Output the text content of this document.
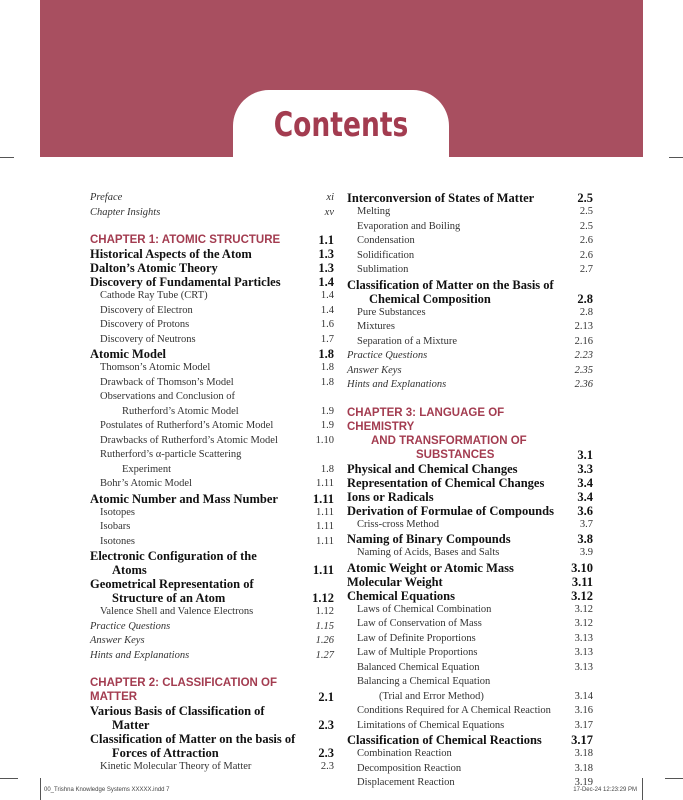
Contents
Preface	xi
Chapter Insights	xv
CHAPTER 1: ATOMIC STRUCTURE	1.1
Historical Aspects of the Atom	1.3
Dalton’s Atomic Theory	1.3
Discovery of Fundamental Particles	1.4
Cathode Ray Tube (CRT)	1.4
Discovery of Electron	1.4
Discovery of Protons	1.6
Discovery of Neutrons	1.7
Atomic Model	1.8
Thomson’s Atomic Model	1.8
Drawback of Thomson’s Model	1.8
Observations and Conclusion of
Rutherford’s Atomic Model	1.9
Postulates of Rutherford’s Atomic Model	1.9
Drawbacks of Rutherford’s Atomic Model	1.10
Rutherford’s α-particle Scattering
Experiment	1.8
Bohr’s Atomic Model	1.11
Atomic Number and Mass Number	1.11
Isotopes	1.11
Isobars	1.11
Isotones	1.11
Electronic Configuration of the
Atoms	1.11
Geometrical Representation of
Structure of an Atom	1.12
Valence Shell and Valence Electrons	1.12
Practice Questions	1.15
Answer Keys	1.26
Hints and Explanations	1.27
CHAPTER 2: CLASSIFICATION OF MATTER	2.1
Various Basis of Classification of
Matter	2.3
Classification of Matter on the basis of
Forces of Attraction	2.3
Kinetic Molecular Theory of Matter	2.3
Interconversion of States of Matter	2.5
Melting	2.5
Evaporation and Boiling	2.5
Condensation	2.6
Solidification	2.6
Sublimation	2.7
Classification of Matter on the Basis of
Chemical Composition	2.8
Pure Substances	2.8
Mixtures	2.13
Separation of a Mixture	2.16
Practice Questions	2.23
Answer Keys	2.35
Hints and Explanations	2.36
CHAPTER 3: LANGUAGE OF CHEMISTRY
AND TRANSFORMATION OF
SUBSTANCES	3.1
Physical and Chemical Changes	3.3
Representation of Chemical Changes	3.4
Ions or Radicals	3.4
Derivation of Formulae of Compounds 3.6
Criss-cross Method	3.7
Naming of Binary Compounds	3.8
Naming of Acids, Bases and Salts	3.9
Atomic Weight or Atomic Mass	3.10
Molecular Weight	3.11
Chemical Equations	3.12
Laws of Chemical Combination	3.12
Law of Conservation of Mass	3.12
Law of Definite Proportions	3.13
Law of Multiple Proportions	3.13
Balanced Chemical Equation	3.13
Balancing a Chemical Equation
(Trial and Error Method)	3.14
Conditions Required for A Chemical Reaction	3.16
Limitations of Chemical Equations	3.17
Classification of Chemical Reactions	3.17
Combination Reaction	3.18
Decomposition Reaction	3.18
Displacement Reaction	3.19
00_Trishna Knowledge Systems XXXXX.indd 7	17-Dec-24 12:23:29 PM
